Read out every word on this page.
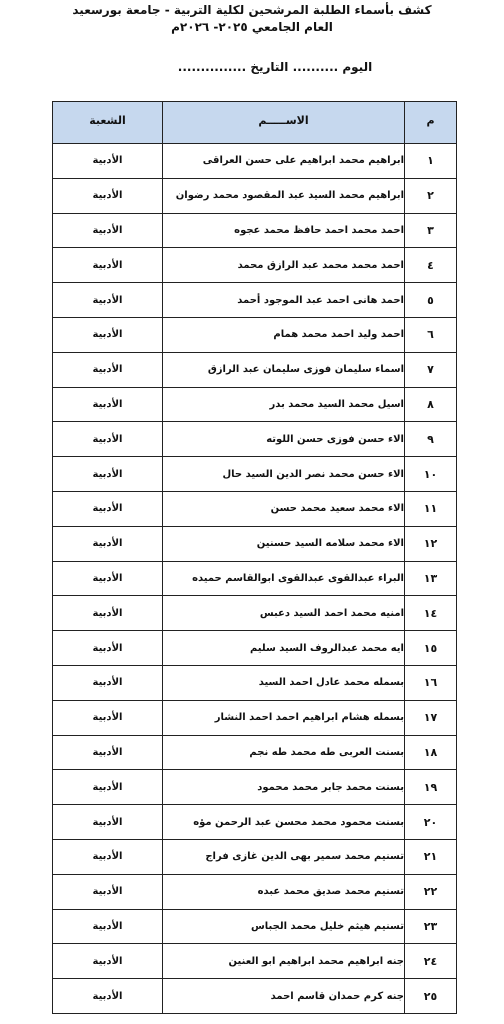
كشف بأسماء الطلبة المرشحين لكلية التربية - جامعة بورسعيد

العام الجامعي ٢٠٢٥- ٢٠٢٦م

اليوم .......... التاريخ ...............
م	الاســـــم	الشعبة
١	ابراهيم محمد ابراهيم على حسن العراقى	الأدبية
٢	ابراهيم محمد السيد عبد المقصود محمد رضوان	الأدبية
٣	احمد محمد احمد حافظ محمد عجوه	الأدبية
٤	احمد محمد محمد عبد الرازق محمد	الأدبية
٥	احمد هانى احمد عبد الموجود أحمد	الأدبية
٦	احمد وليد احمد محمد همام	الأدبية
٧	اسماء سليمان فوزى سليمان عبد الرازق	الأدبية
٨	اسيل محمد السيد محمد بدر	الأدبية
٩	الاء حسن فوزى حسن اللوته	الأدبية
١٠	الاء حسن محمد نصر الدين السيد حال	الأدبية
١١	الاء محمد سعيد محمد حسن	الأدبية
١٢	الاء محمد سلامه السيد حسنين	الأدبية
١٣	البراء عبدالقوى عبدالقوى ابوالقاسم حميده	الأدبية
١٤	امنيه محمد احمد السيد دعبس	الأدبية
١٥	ايه محمد عبدالروف السيد سليم	الأدبية
١٦	بسمله محمد عادل احمد السيد	الأدبية
١٧	بسمله هشام ابراهيم احمد احمد النشار	الأدبية
١٨	بسنت العربى طه محمد طه نجم	الأدبية
١٩	بسنت محمد جابر محمد محمود	الأدبية
٢٠	بسنت محمود محمد محسن عبد الرحمن مؤه	الأدبية
٢١	تسنيم محمد سمير بهى الدين غازى فراج	الأدبية
٢٢	تسنيم محمد صديق محمد عبده	الأدبية
٢٣	تسنيم هيثم خليل محمد الجباس	الأدبية
٢٤	جنه ابراهيم محمد ابراهيم ابو العنين	الأدبية
٢٥	جنه كرم حمدان قاسم احمد	الأدبية
